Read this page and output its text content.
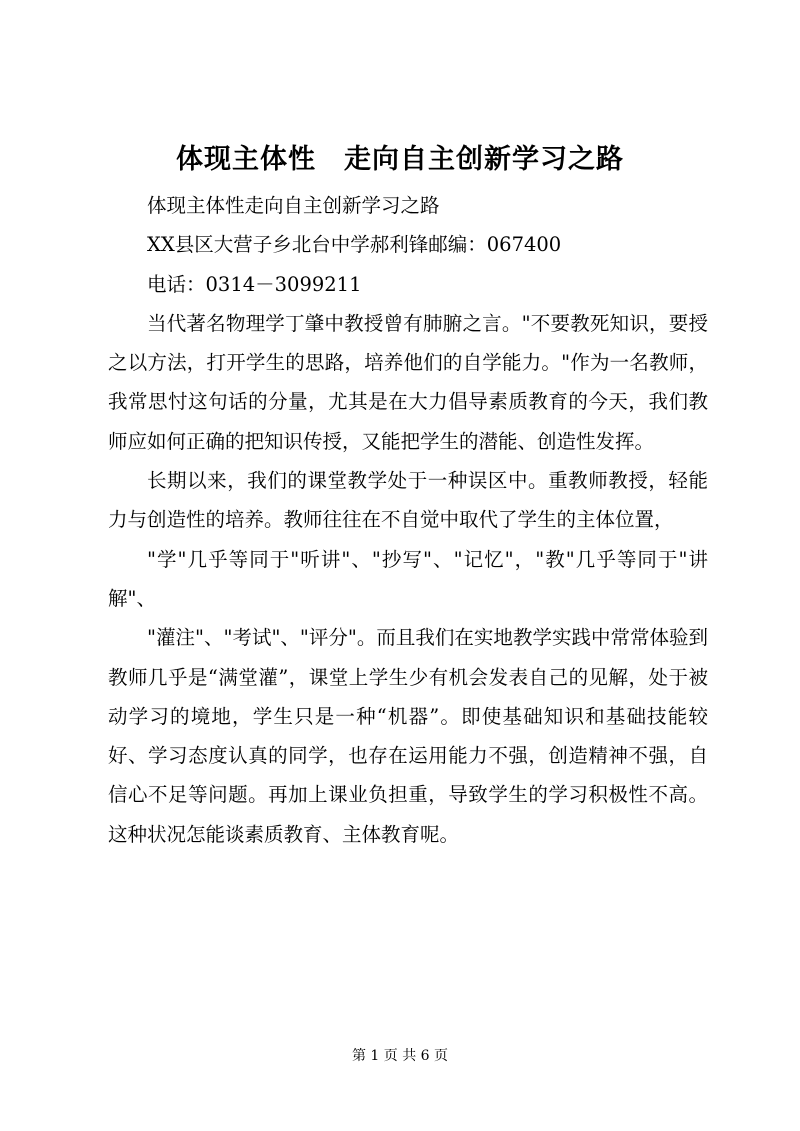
体现主体性　走向自主创新学习之路

体现主体性走向自主创新学习之路

XX县区大营子乡北台中学郝利锋邮编：067400

电话：0314－3099211

当代著名物理学丁肇中教授曾有肺腑之言。"不要教死知识，要授之以方法，打开学生的思路，培养他们的自学能力。"作为一名教师，我常思忖这句话的分量，尤其是在大力倡导素质教育的今天，我们教师应如何正确的把知识传授，又能把学生的潜能、创造性发挥。

长期以来，我们的课堂教学处于一种误区中。重教师教授，轻能力与创造性的培养。教师往往在不自觉中取代了学生的主体位置，

"学"几乎等同于"听讲"、"抄写"、"记忆"，"教"几乎等同于"讲解"、

"灌注"、"考试"、"评分"。而且我们在实地教学实践中常常体验到教师几乎是“满堂灌”，课堂上学生少有机会发表自己的见解，处于被动学习的境地，学生只是一种“机器”。即使基础知识和基础技能较好、学习态度认真的同学，也存在运用能力不强，创造精神不强，自信心不足等问题。再加上课业负担重，导致学生的学习积极性不高。这种状况怎能谈素质教育、主体教育呢。

第 1 页 共 6 页
